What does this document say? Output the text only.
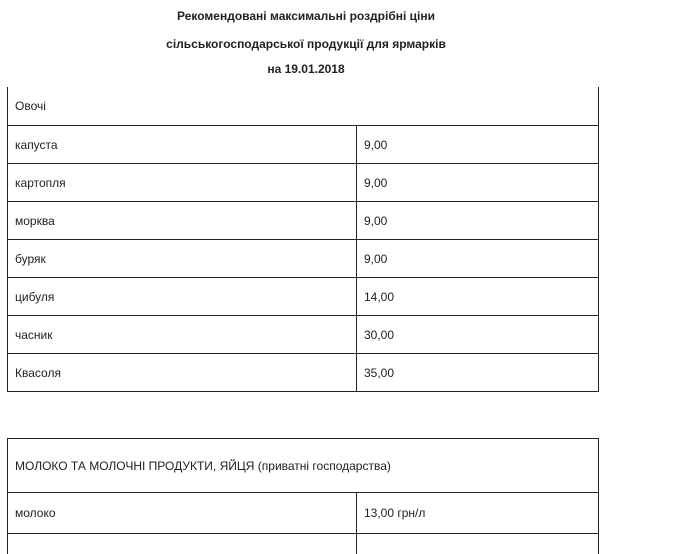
Рекомендовані максимальні роздрібні ціни
сільськогосподарської продукції для ярмарків
на 19.01.2018
Овочі	
капуста	9,00
картопля	9,00
морква	9,00
буряк	9,00
цибуля	14,00
часник	30,00
Квасоля	35,00
МОЛОКО ТА МОЛОЧНІ ПРОДУКТИ, ЯЙЦЯ (приватні господарства)	
молоко	13,00 грн/л
